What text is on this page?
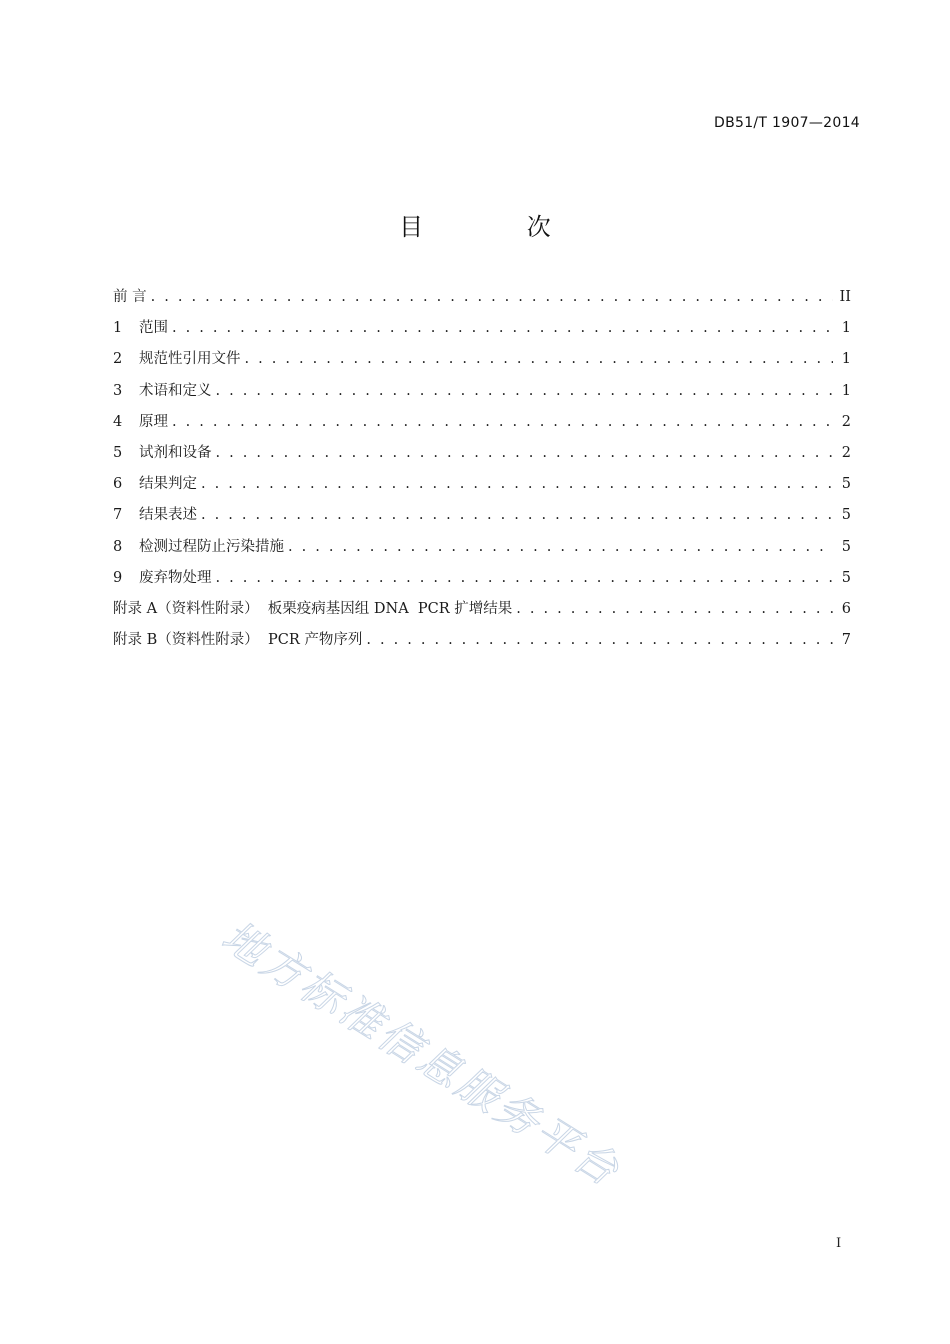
DB51/T 1907—2014
目 次
前 言 . . .	II
1	范围 . . .	1
2	规范性引用文件 . . .	1
3	术语和定义 . . .	1
4	原理 . . .	2
5	试剂和设备 . . .	2
6	结果判定 . . .	5
7	结果表述 . . .	5
8	检测过程防止污染措施 . . .	5
9	废弃物处理 . . .	5
附录 A（资料性附录）  板栗疫病基因组 DNA  PCR 扩增结果 . . .	6
附录 B（资料性附录）  PCR 产物序列 . . .	7
地方标准信息服务平台
I
